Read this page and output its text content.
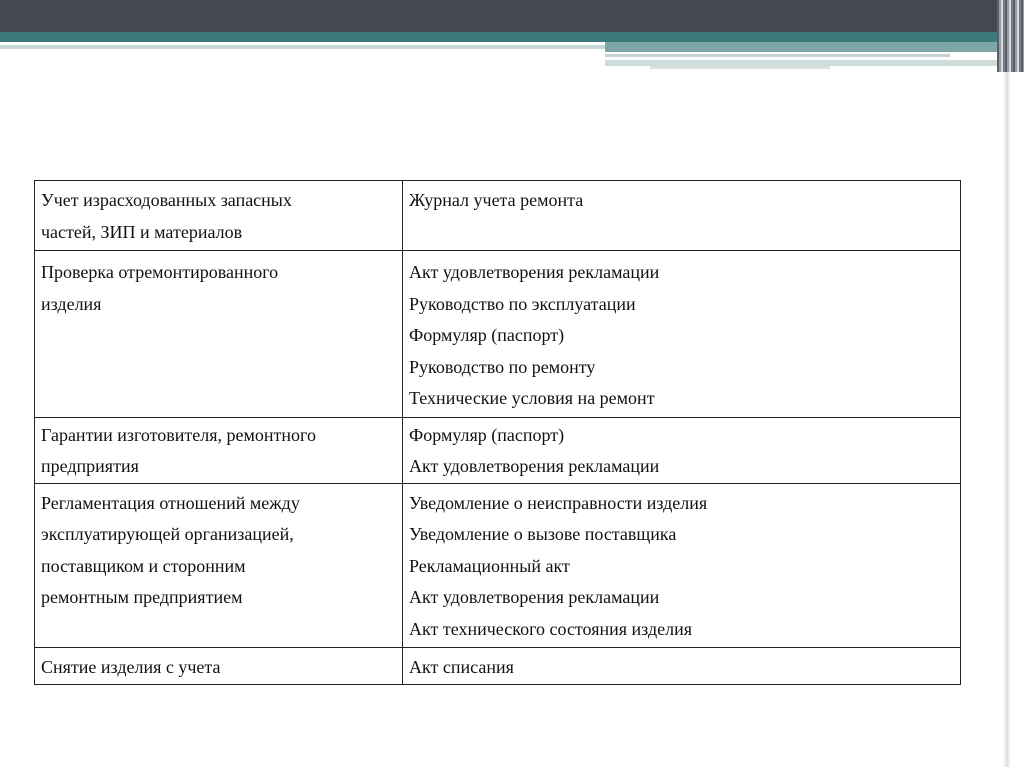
Учет израсходованных запасных
частей, ЗИП и материалов	Журнал учета ремонта

Проверка отремонтированного
изделия	Акт удовлетворения рекламации
Руководство по эксплуатации
Формуляр (паспорт)
Руководство по ремонту
Технические условия на ремонт

Гарантии изготовителя, ремонтного
предприятия	Формуляр (паспорт)
Акт удовлетворения рекламации

Регламентация отношений между
эксплуатирующей организацией,
поставщиком и сторонним
ремонтным предприятием	Уведомление о неисправности изделия
Уведомление о вызове поставщика
Рекламационный акт
Акт удовлетворения рекламации
Акт технического состояния изделия

Снятие изделия с учета	Акт списания
